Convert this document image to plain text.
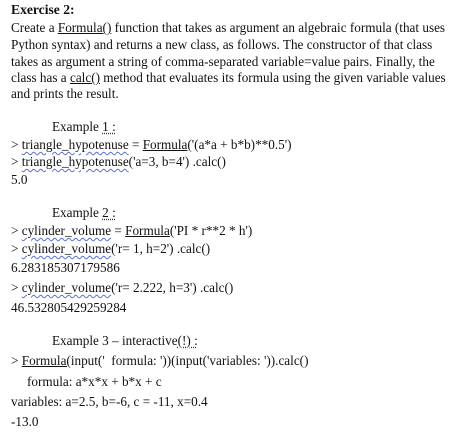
Exercise 2:
Create a Formula() function that takes as argument an algebraic formula (that uses
Python syntax) and returns a new class, as follows. The constructor of that class
takes as argument a string of comma-separated variable=value pairs. Finally, the
class has a calc() method that evaluates its formula using the given variable values
and prints the result.
Example 1 :
> triangle_hypotenuse = Formula('(a*a + b*b)**0.5')
> triangle_hypotenuse('a=3, b=4') .calc()
5.0
Example 2 :
> cylinder_volume = Formula('PI * r**2 * h')
> cylinder_volume('r= 1, h=2') .calc()
6.283185307179586
> cylinder_volume('r= 2.222, h=3') .calc()
46.532805429259284
Example 3 – interactive(!) :
> Formula(input('  formula: '))(input('variables: ')).calc()
formula: a*x*x + b*x + c
variables: a=2.5, b=-6, c = -11, x=0.4
-13.0
